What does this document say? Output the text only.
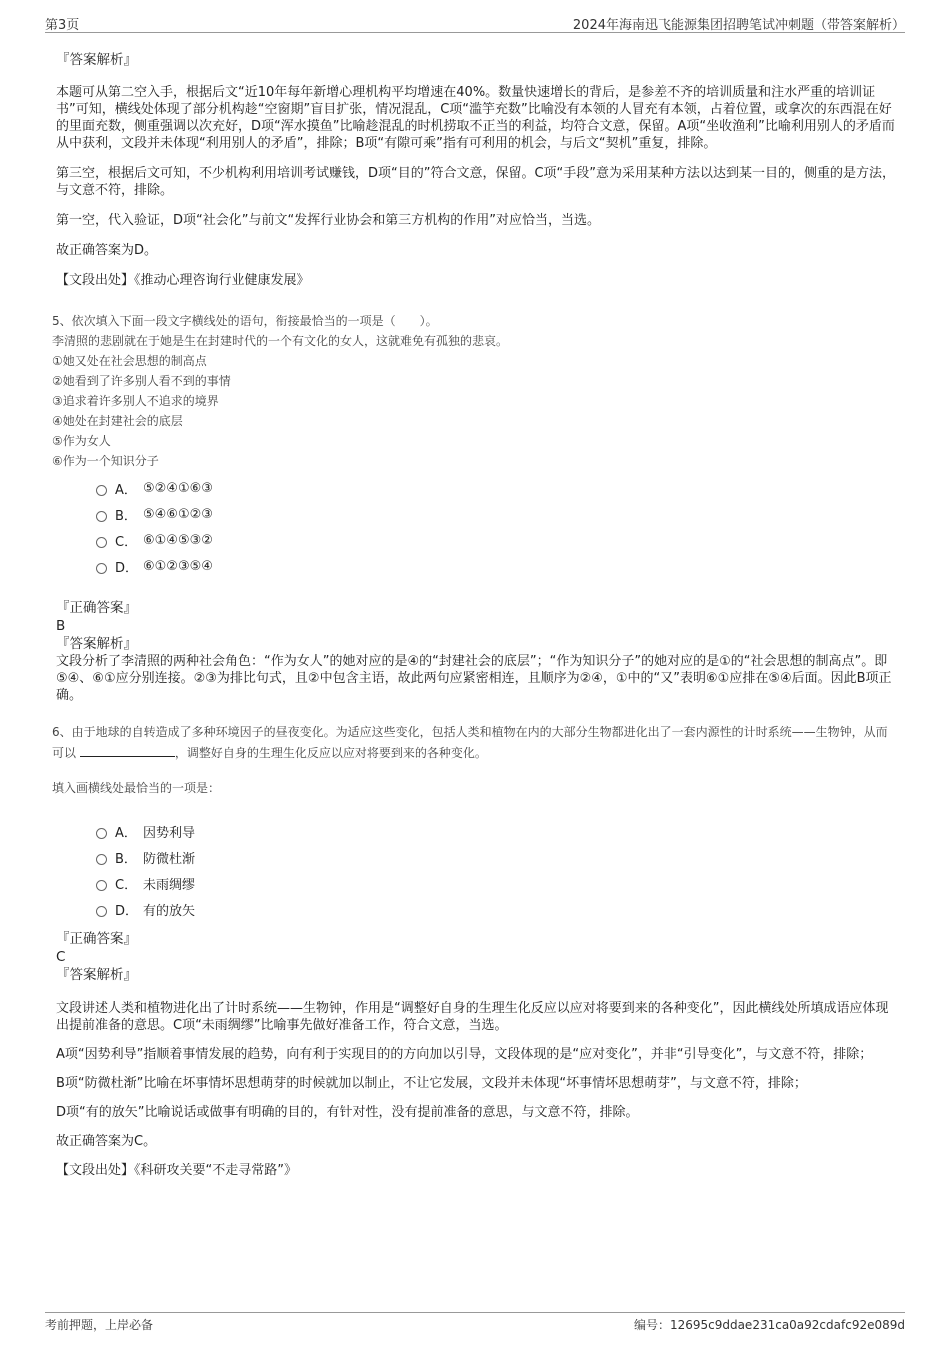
第3页	2024年海南迅飞能源集团招聘笔试冲刺题（带答案解析）

『答案解析』

本题可从第二空入手，根据后文“近10年每年新增心理机构平均增速在40%。数量快速增长的背后，是参差不齐的培训质量和注水严重的培训证书”可知，横线处体现了部分机构趁“空窗期”盲目扩张，情况混乱，C项“滥竽充数”比喻没有本领的人冒充有本领，占着位置，或拿次的东西混在好的里面充数，侧重强调以次充好，D项“浑水摸鱼”比喻趁混乱的时机捞取不正当的利益，均符合文意，保留。A项“坐收渔利”比喻利用别人的矛盾而从中获利，文段并未体现“利用别人的矛盾”，排除；B项“有隙可乘”指有可利用的机会，与后文“契机”重复，排除。

第三空，根据后文可知，不少机构利用培训考试赚钱，D项“目的”符合文意，保留。C项“手段”意为采用某种方法以达到某一目的，侧重的是方法，与文意不符，排除。

第一空，代入验证，D项“社会化”与前文“发挥行业协会和第三方机构的作用”对应恰当，当选。

故正确答案为D。

【文段出处】《推动心理咨询行业健康发展》

5、依次填入下面一段文字横线处的语句，衔接最恰当的一项是（　　）。

李清照的悲剧就在于她是生在封建时代的一个有文化的女人，这就难免有孤独的悲哀。

①她又处在社会思想的制高点

②她看到了许多别人看不到的事情

③追求着许多别人不追求的境界

④她处在封建社会的底层

⑤作为女人

⑥作为一个知识分子

A． ⑤②④①⑥③
B． ⑤④⑥①②③
C． ⑥①④⑤③②
D． ⑥①②③⑤④

『正确答案』

B

『答案解析』

文段分析了李清照的两种社会角色：“作为女人”的她对应的是④的“封建社会的底层”；“作为知识分子”的她对应的是①的“社会思想的制高点”。即⑤④、⑥①应分别连接。②③为排比句式，且②中包含主语，故此两句应紧密相连，且顺序为②④，①中的“又”表明⑥①应排在⑤④后面。因此B项正确。

6、由于地球的自转造成了多种环境因子的昼夜变化。为适应这些变化，包括人类和植物在内的大部分生物都进化出了一套内源性的计时系统——生物钟，从而可以	，调整好自身的生理生化反应以应对将要到来的各种变化。

填入画横线处最恰当的一项是：

A． 因势利导
B． 防微杜渐
C． 未雨绸缪
D． 有的放矢

『正确答案』

C

『答案解析』

文段讲述人类和植物进化出了计时系统——生物钟，作用是“调整好自身的生理生化反应以应对将要到来的各种变化”，因此横线处所填成语应体现出提前准备的意思。C项“未雨绸缪”比喻事先做好准备工作，符合文意，当选。

A项“因势利导”指顺着事情发展的趋势，向有利于实现目的的方向加以引导，文段体现的是“应对变化”，并非“引导变化”，与文意不符，排除；

B项“防微杜渐”比喻在坏事情坏思想萌芽的时候就加以制止，不让它发展，文段并未体现“坏事情坏思想萌芽”，与文意不符，排除；

D项“有的放矢”比喻说话或做事有明确的目的，有针对性，没有提前准备的意思，与文意不符，排除。

故正确答案为C。

【文段出处】《科研攻关要“不走寻常路”》

考前押题，上岸必备	编号：12695c9ddae231ca0a92cdafc92e089d
